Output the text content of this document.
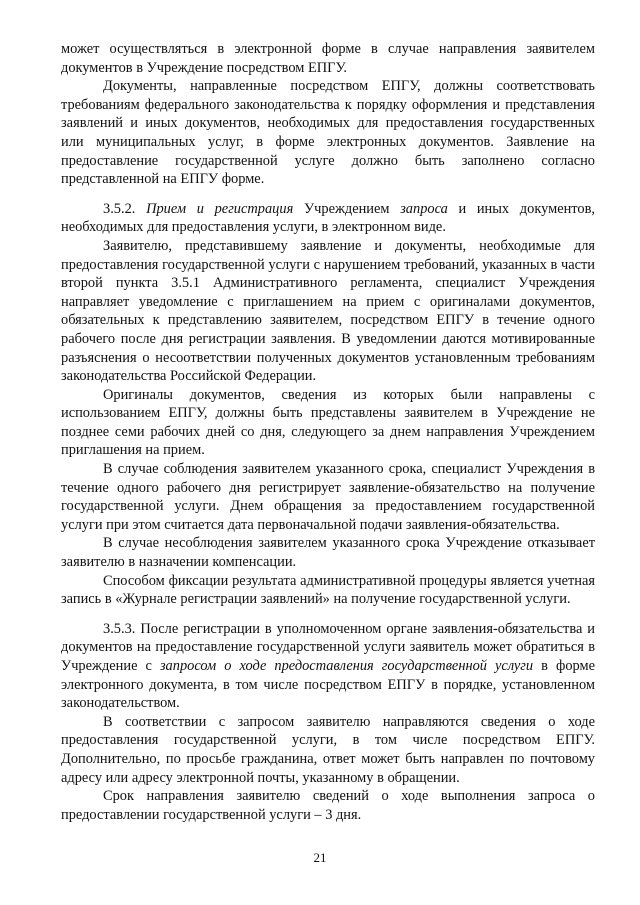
может осуществляться в электронной форме в случае направления заявителем документов в Учреждение посредством ЕПГУ.

Документы, направленные посредством ЕПГУ, должны соответствовать требованиям федерального законодательства к порядку оформления и представления заявлений и иных документов, необходимых для предоставления государственных или муниципальных услуг, в форме электронных документов. Заявление на предоставление государственной услуге должно быть заполнено согласно представленной на ЕПГУ форме.

3.5.2. Прием и регистрация Учреждением запроса и иных документов, необходимых для предоставления услуги, в электронном виде.

Заявителю, представившему заявление и документы, необходимые для предоставления государственной услуги с нарушением требований, указанных в части второй пункта 3.5.1 Административного регламента, специалист Учреждения направляет уведомление с приглашением на прием с оригиналами документов, обязательных к представлению заявителем, посредством ЕПГУ в течение одного рабочего после дня регистрации заявления. В уведомлении даются мотивированные разъяснения о несоответствии полученных документов установленным требованиям законодательства Российской Федерации.

Оригиналы документов, сведения из которых были направлены с использованием ЕПГУ, должны быть представлены заявителем в Учреждение не позднее семи рабочих дней со дня, следующего за днем направления Учреждением приглашения на прием.

В случае соблюдения заявителем указанного срока, специалист Учреждения в течение одного рабочего дня регистрирует заявление-обязательство на получение государственной услуги. Днем обращения за предоставлением государственной услуги при этом считается дата первоначальной подачи заявления-обязательства.

В случае несоблюдения заявителем указанного срока Учреждение отказывает заявителю в назначении компенсации.

Способом фиксации результата административной процедуры является учетная запись в «Журнале регистрации заявлений» на получение государственной услуги.

3.5.3. После регистрации в уполномоченном органе заявления-обязательства и документов на предоставление государственной услуги заявитель может обратиться в Учреждение с запросом о ходе предоставления государственной услуги в форме электронного документа, в том числе посредством ЕПГУ в порядке, установленном законодательством.

В соответствии с запросом заявителю направляются сведения о ходе предоставления государственной услуги, в том числе посредством ЕПГУ. Дополнительно, по просьбе гражданина, ответ может быть направлен по почтовому адресу или адресу электронной почты, указанному в обращении.

Срок направления заявителю сведений о ходе выполнения запроса о предоставлении государственной услуги – 3 дня.

21
